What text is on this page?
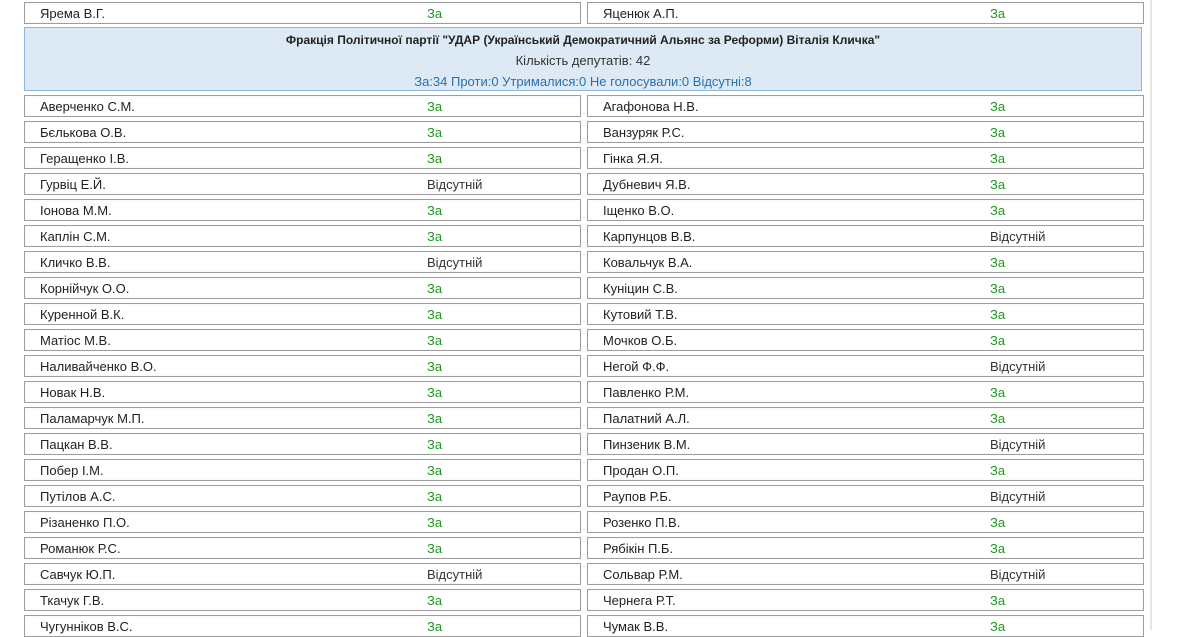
Ярема В.Г.	За	Яценюк А.П.	За
Фракція Політичної партії "УДАР (Український Демократичний Альянс за Реформи) Віталія Кличка"
Кількість депутатів: 42
За:34 Проти:0 Утрималися:0 Не голосували:0 Відсутні:8
Аверченко С.М.	За	Агафонова Н.В.	За
Бєлькова О.В.	За	Вaнзуряк Р.С.	За
Геращенко І.В.	За	Гінка Я.Я.	За
Гурвіц Е.Й.	Відсутній	Дубневич Я.В.	За
Іонова М.М.	За	Іщенко В.О.	За
Каплін С.М.	За	Карпунцов В.В.	Відсутній
Кличко В.В.	Відсутній	Ковальчук В.А.	За
Корнійчук О.О.	За	Куніцин С.В.	За
Куренной В.К.	За	Кутовий Т.В.	За
Матіос М.В.	За	Мочков О.Б.	За
Наливайченко В.О.	За	Негой Ф.Ф.	Відсутній
Новак Н.В.	За	Павленко Р.М.	За
Паламарчук М.П.	За	Палатний А.Л.	За
Пацкан В.В.	За	Пинзеник В.М.	Відсутній
Побер І.М.	За	Продан О.П.	За
Путілов А.С.	За	Раупов Р.Б.	Відсутній
Різаненко П.О.	За	Розенко П.В.	За
Романюк Р.С.	За	Рябікін П.Б.	За
Савчук Ю.П.	Відсутній	Сольвар Р.М.	Відсутній
Ткачук Г.В.	За	Чернега Р.Т.	За
Чугунніков В.С.	За	Чумак В.В.	За
